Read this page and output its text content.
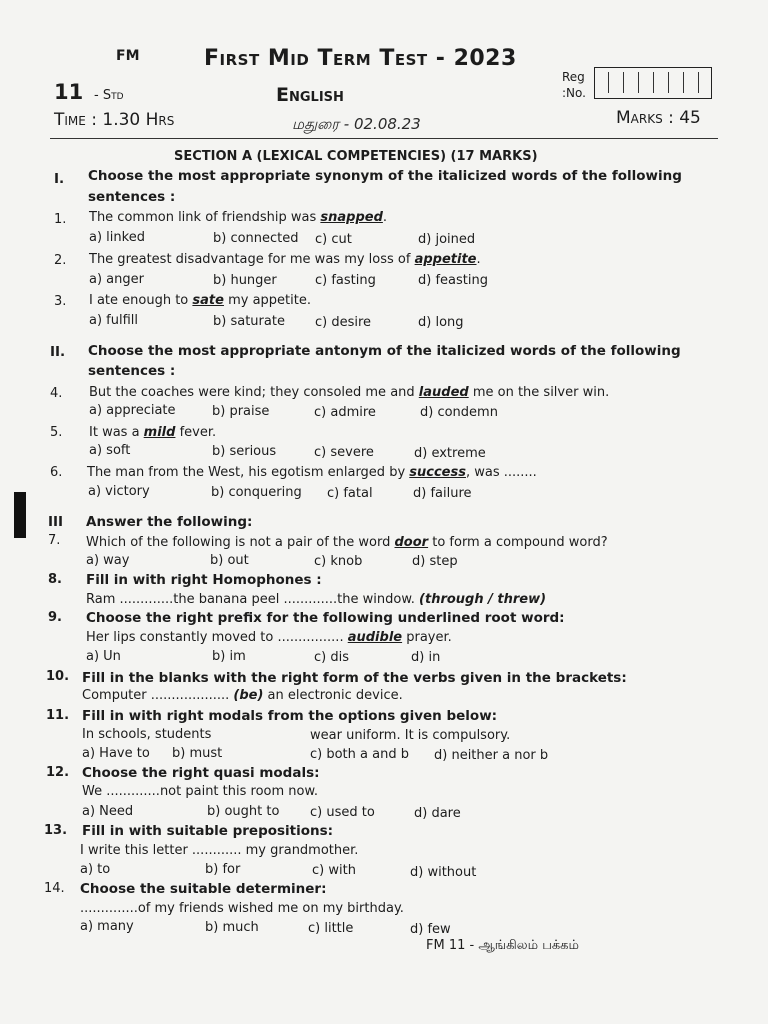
FM	First Mid Term Test - 2023
11 - Std	English
Reg
:No.
Time : 1.30 Hrs	மதுரை - 02.08.23	Marks : 45
SECTION A (LEXICAL COMPETENCIES) (17 MARKS)
I. Choose the most appropriate synonym of the italicized words of the following
sentences :
1. The common link of friendship was snapped.
a) linked	b) connected c) cut	d) joined
2. The greatest disadvantage for me was my loss of appetite.
a) anger	b) hunger	c) fasting	d) feasting
3. I ate enough to sate my appetite.
a) fulfill	b) saturate c) desire	d) long
II. Choose the most appropriate antonym of the italicized words of the following
sentences :
4. But the coaches were kind; they consoled me and lauded me on the silver win.
a) appreciate	b) praise	c) admire	d) condemn
5. It was a mild fever.
a) soft	b) serious	c) severe	d) extreme
6. The man from the West, his egotism enlarged by success, was ........
a) victory	b) conquering c) fatal	d) failure
III Answer the following:
7. Which of the following is not a pair of the word door to form a compound word?
a) way	b) out	c) knob	d) step
8. Fill in with right Homophones :
Ram .............the banana peel .............the window. (through / threw)
9. Choose the right prefix for the following underlined root word:
Her lips constantly moved to ................ audible prayer.
a) Un	b) im	c) dis	d) in
10. Fill in the blanks with the right form of the verbs given in the brackets:
Computer ................... (be) an electronic device.
11. Fill in with right modals from the options given below:
In schools, students	wear uniform. It is compulsory.
a) Have to b) must	c) both a and b d) neither a nor b
12. Choose the right quasi modals:
We .............not paint this room now.
a) Need	b) ought to c) used to	d) dare
13. Fill in with suitable prepositions:
I write this letter ............ my grandmother.
a) to	b) for	c) with	d) without
14. Choose the suitable determiner:
..............of my friends wished me on my birthday.
a) many	b) much	c) little	d) few
FM 11 - ஆங்கிலம் பக்கம்
